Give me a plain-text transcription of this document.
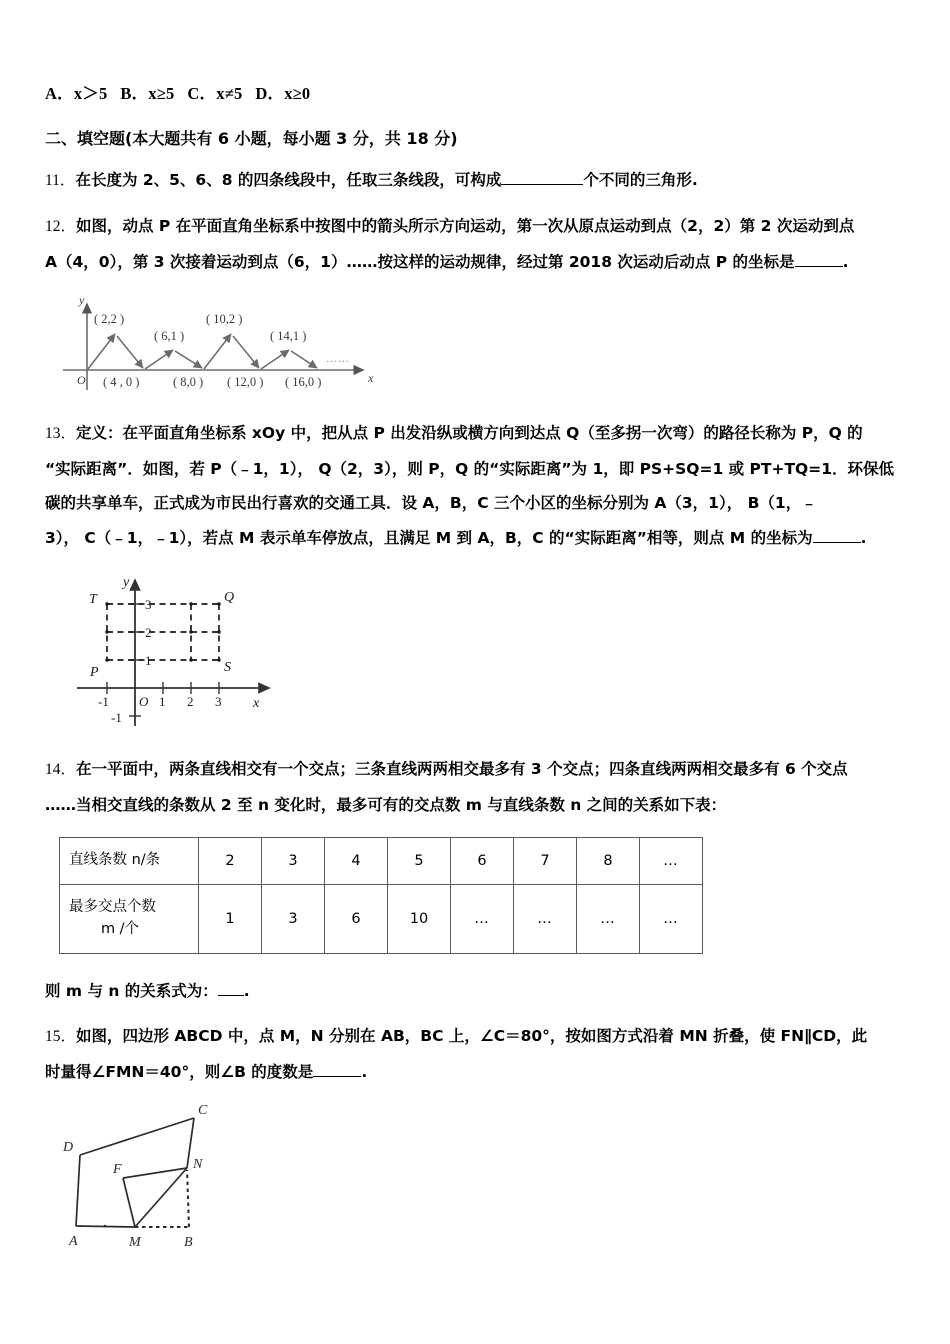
A．x＞5   B．x≥5   C．x≠5   D．x≥0
二、填空题(本大题共有 6 小题，每小题 3 分，共 18 分)
11．在长度为 2、5、6、8 的四条线段中，任取三条线段，可构成	个不同的三角形.
12．如图，动点 P 在平面直角坐标系中按图中的箭头所示方向运动，第一次从原点运动到点（2，2）第 2 次运动到点
A（4，0），第 3 次接着运动到点（6，1）……按这样的运动规律，经过第 2018 次运动后动点 P 的坐标是	.
O	x
y
( 2,2 )
( 6,1 )
( 10,2 )
( 14,1 )
( 4 , 0 )	( 8,0 ) ( 12,0 ) ( 16,0 )
……
13．定义：在平面直角坐标系 xOy 中，把从点 P 出发沿纵或横方向到达点 Q（至多拐一次弯）的路径长称为 P，Q 的
“实际距离”．如图，若 P（﹣1，1）， Q（2，3），则 P，Q 的“实际距离”为 1，即 PS+SQ=1 或 PT+TQ=1．环保低
碳的共享单车，正式成为市民出行喜欢的交通工具．设 A，B，C 三个小区的坐标分别为 A（3，1）， B（1，﹣
3）， C（﹣1，﹣1），若点 M 表示单车停放点，且满足 M 到 A，B，C 的“实际距离”相等，则点 M 的坐标为	.
-1	1 2 3
3
2
1
-1
O	x
y
T	Q
P	S
14．在一平面中，两条直线相交有一个交点；三条直线两两相交最多有 3 个交点；四条直线两两相交最多有 6 个交点
……当相交直线的条数从 2 至 n 变化时，最多可有的交点数 m 与直线条数 n 之间的关系如下表：
直线条数 n/条	2	3	4	5	6	7	8	…
最多交点个数
m /个	1	3	6	10	…	…	…	…
则 m 与 n 的关系式为： .
15．如图，四边形 ABCD 中，点 M，N 分别在 AB，BC 上，∠C＝80°，按如图方式沿着 MN 折叠，使 FN∥CD，此
时量得∠FMN＝40°，则∠B 的度数是	.
C
D
N
F
A	M	B
